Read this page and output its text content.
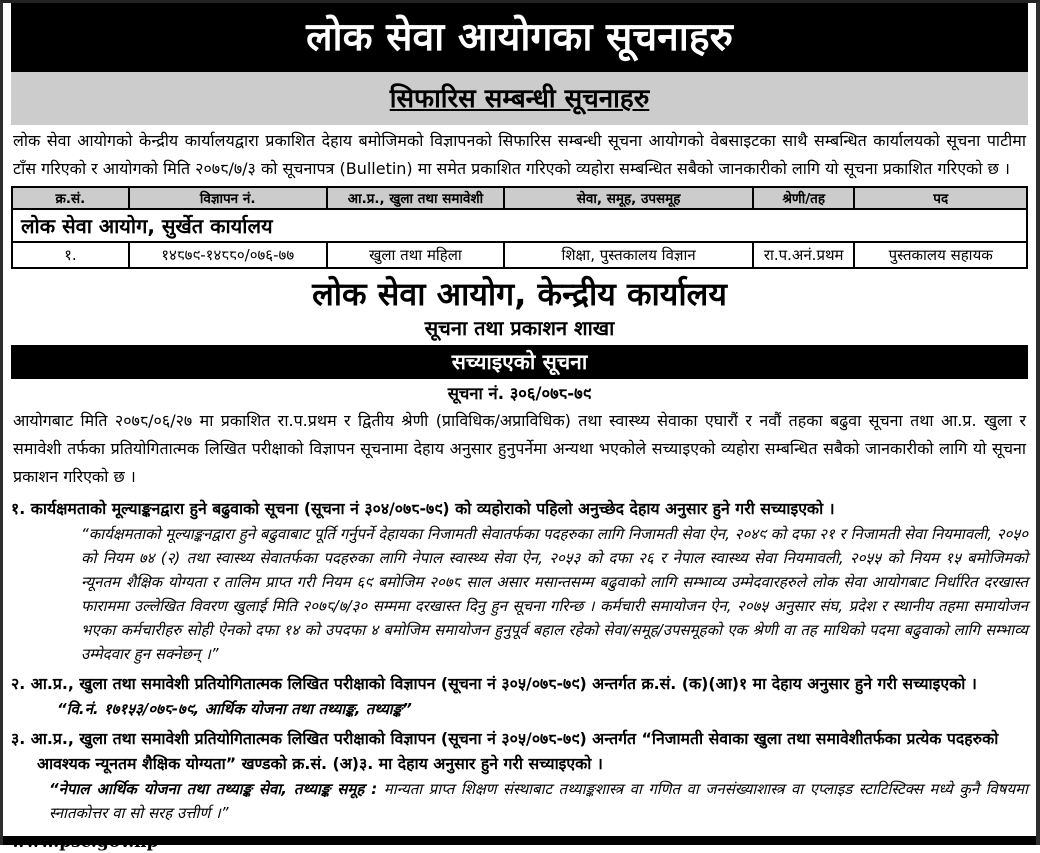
लोक सेवा आयोगका सूचनाहरु
सिफारिस सम्बन्धी सूचनाहरु
लोक सेवा आयोगको केन्द्रीय कार्यालयद्वारा प्रकाशित देहाय बमोजिमको विज्ञापनको सिफारिस सम्बन्धी सूचना आयोगको वेबसाइटका साथै सम्बन्धित कार्यालयको सूचना पाटीमा टाँस गरिएको र आयोगको मिति २०७८/७/३ को सूचनापत्र (Bulletin) मा समेत प्रकाशित गरिएको व्यहोरा सम्बन्धित सबैको जानकारीको लागि यो सूचना प्रकाशित गरिएको छ ।
क्र.सं.	विज्ञापन नं.	आ.प्र., खुला तथा समावेशी	सेवा, समूह, उपसमूह	श्रेणी/तह	पद
लोक सेवा आयोग, सुर्खेत कार्यालय					
१.	१४८७९-१४८८०/०७६-७७	खुला तथा महिला	शिक्षा, पुस्तकालय विज्ञान	रा.प.अनं.प्रथम	पुस्तकालय सहायक
लोक सेवा आयोग, केन्द्रीय कार्यालय
सूचना तथा प्रकाशन शाखा
सच्याइएको सूचना
सूचना नं. ३०६/०७८-७९
आयोगबाट मिति २०७८/०६/२७ मा प्रकाशित रा.प.प्रथम र द्वितीय श्रेणी (प्राविधिक/अप्राविधिक) तथा स्वास्थ्य सेवाका एघारौं र नवौं तहका बढुवा सूचना तथा आ.प्र. खुला र समावेशी तर्फका प्रतियोगितात्मक लिखित परीक्षाको विज्ञापन सूचनामा देहाय अनुसार हुनुपर्नेमा अन्यथा भएकोले सच्याइएको व्यहोरा सम्बन्धित सबैको जानकारीको लागि यो सूचना प्रकाशन गरिएको छ ।
१. कार्यक्षमताको मूल्याङ्कनद्वारा हुने बढुवाको सूचना (सूचना नं ३०४/०७८-७९) को व्यहोराको पहिलो अनुच्छेद देहाय अनुसार हुने गरी सच्याइएको ।
“कार्यक्षमताको मूल्याङ्कनद्वारा हुने बढुवाबाट पूर्ति गर्नुपर्ने देहायका निजामती सेवातर्फका पदहरुका लागि निजामती सेवा ऐन, २०४९ को दफा २१ र निजामती सेवा नियमावली, २०५० को नियम ७४ (२) तथा स्वास्थ्य सेवातर्फका पदहरुका लागि नेपाल स्वास्थ्य सेवा ऐन, २०५३ को दफा २६ र नेपाल स्वास्थ्य सेवा नियमावली, २०५५ को नियम १५ बमोजिमको न्यूनतम शैक्षिक योग्यता र तालिम प्राप्त गरी नियम ६९ बमोजिम २०७८ साल असार मसान्तसम्म बढुवाको लागि सम्भाव्य उम्मेदवारहरुले लोक सेवा आयोगबाट निर्धारित दरखास्त फाराममा उल्लेखित विवरण खुलाई मिति २०७८/७/३० सम्ममा दरखास्त दिनु हुन सूचना गरिन्छ । कर्मचारी समायोजन ऐन, २०७५ अनुसार संघ, प्रदेश र स्थानीय तहमा समायोजन भएका कर्मचारीहरु सोही ऐनको दफा १४ को उपदफा ४ बमोजिम समायोजन हुनुपूर्व बहाल रहेको सेवा/समूह/उपसमूहको एक श्रेणी वा तह माथिको पदमा बढुवाको लागि सम्भाव्य उम्मेदवार हुन सक्नेछन् ।”
२. आ.प्र., खुला तथा समावेशी प्रतियोगितात्मक लिखित परीक्षाको विज्ञापन (सूचना नं ३०५/०७८-७९) अन्तर्गत क्र.सं. (क)(आ)१ मा देहाय अनुसार हुने गरी सच्याइएको ।
“वि.नं. १७१५३/०७८-७९, आर्थिक योजना तथा तथ्याङ्क, तथ्याङ्क”
३. आ.प्र., खुला तथा समावेशी प्रतियोगितात्मक लिखित परीक्षाको विज्ञापन (सूचना नं ३०५/०७८-७९) अन्तर्गत “निजामती सेवाका खुला तथा समावेशीतर्फका प्रत्येक पदहरुको आवश्यक न्यूनतम शैक्षिक योग्यता” खण्डको क्र.सं. (अ)३. मा देहाय अनुसार हुने गरी सच्याइएको ।
“नेपाल आर्थिक योजना तथा तथ्याङ्क सेवा, तथ्याङ्क समूह : मान्यता प्राप्त शिक्षण संस्थाबाट तथ्याङ्कशास्त्र वा गणित वा जनसंख्याशास्त्र वा एप्लाइड स्टाटिस्टिक्स मध्ये कुनै विषयमा स्नातकोत्तर वा सो सरह उत्तीर्ण ।”
